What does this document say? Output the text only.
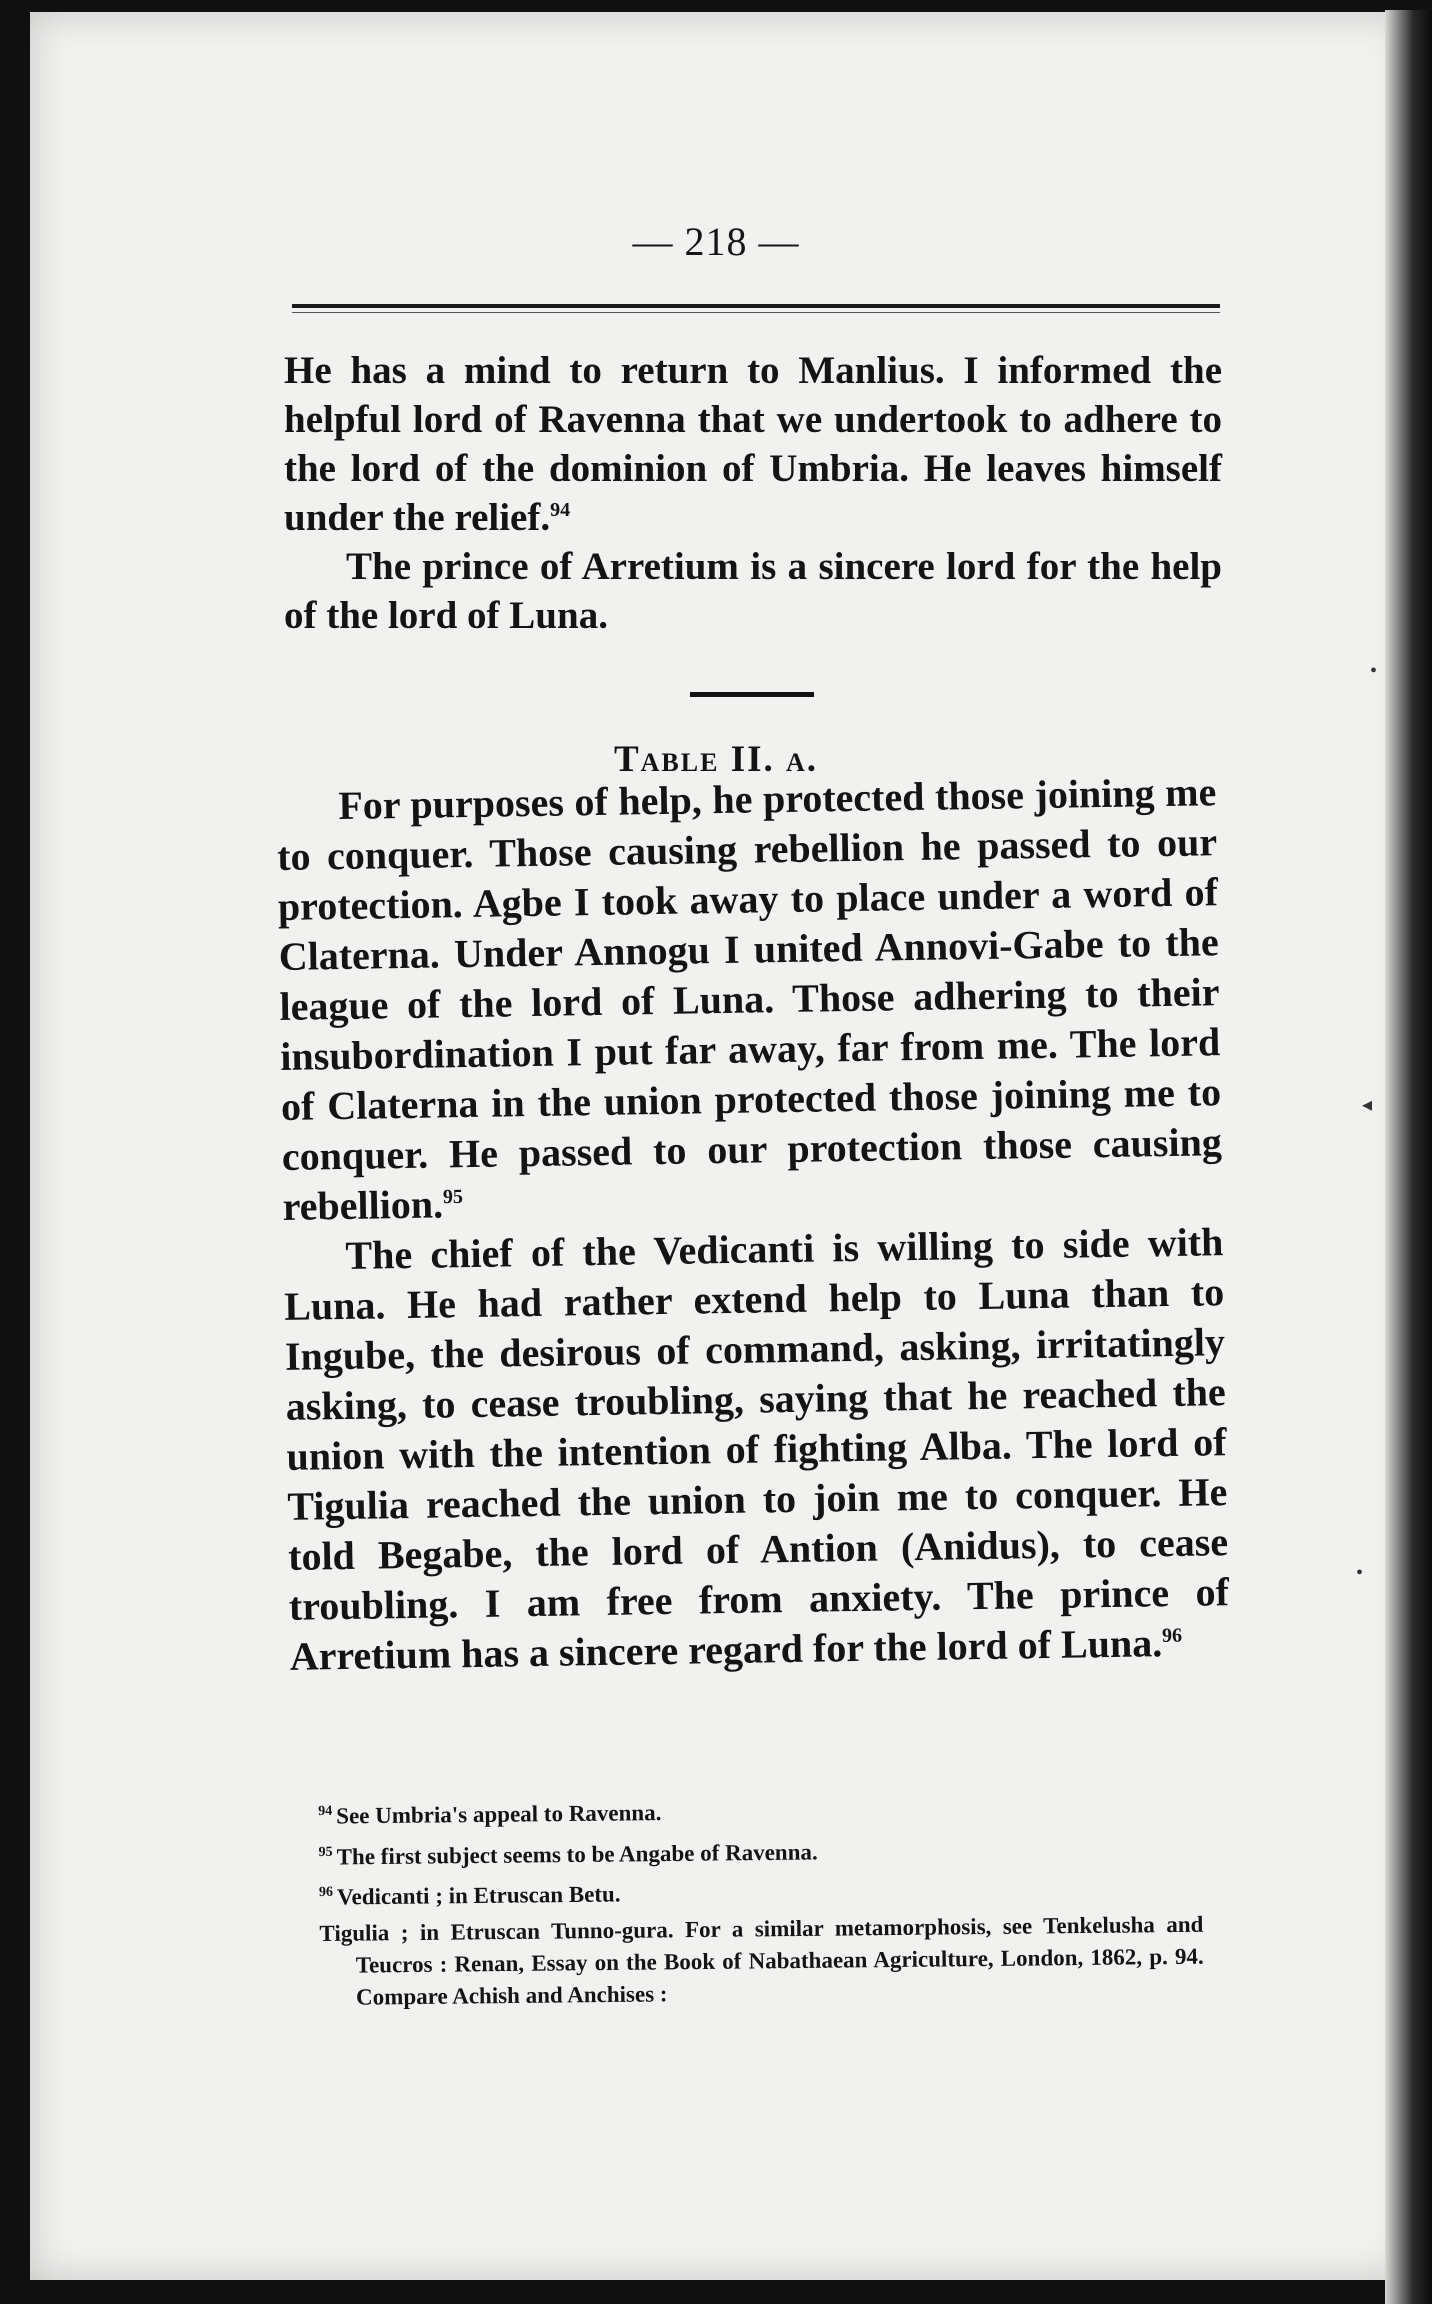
— 218 —

He has a mind to return to Manlius. I informed the helpful lord of Ravenna that we undertook to adhere to the lord of the dominion of Umbria. He leaves himself under the relief.$^{94}$

The prince of Arretium is a sincere lord for the help of the lord of Luna.

Table II. a.

For purposes of help, he protected those joining me to conquer. Those causing rebellion he passed to our protection. Agbe I took away to place under a word of Claterna. Under Annogu I united Annovi-Gabe to the league of the lord of Luna. Those adhering to their insubordination I put far away, far from me. The lord of Claterna in the union protected those joining me to conquer. He passed to our protection those causing rebellion.$^{95}$

The chief of the Vedicanti is willing to side with Luna. He had rather extend help to Luna than to Ingube, the desirous of command, asking, irritatingly asking, to cease troubling, saying that he reached the union with the intention of fighting Alba. The lord of Tigulia reached the union to join me to conquer. He told Begabe, the lord of Antion (Anidus), to cease troubling. I am free from anxiety. The prince of Arretium has a sincere regard for the lord of Luna.$^{96}$

$^{94}$ See Umbria's appeal to Ravenna.

$^{95}$ The first subject seems to be Angabe of Ravenna.

$^{96}$ Vedicanti ; in Etruscan Betu.

Tigulia ; in Etruscan Tunno-gura. For a similar metamorphosis, see Tenkelusha and Teucros : Renan, Essay on the Book of Nabathaean Agriculture, London, 1862, p. 94. Compare Achish and Anchises :

•
◂
•
